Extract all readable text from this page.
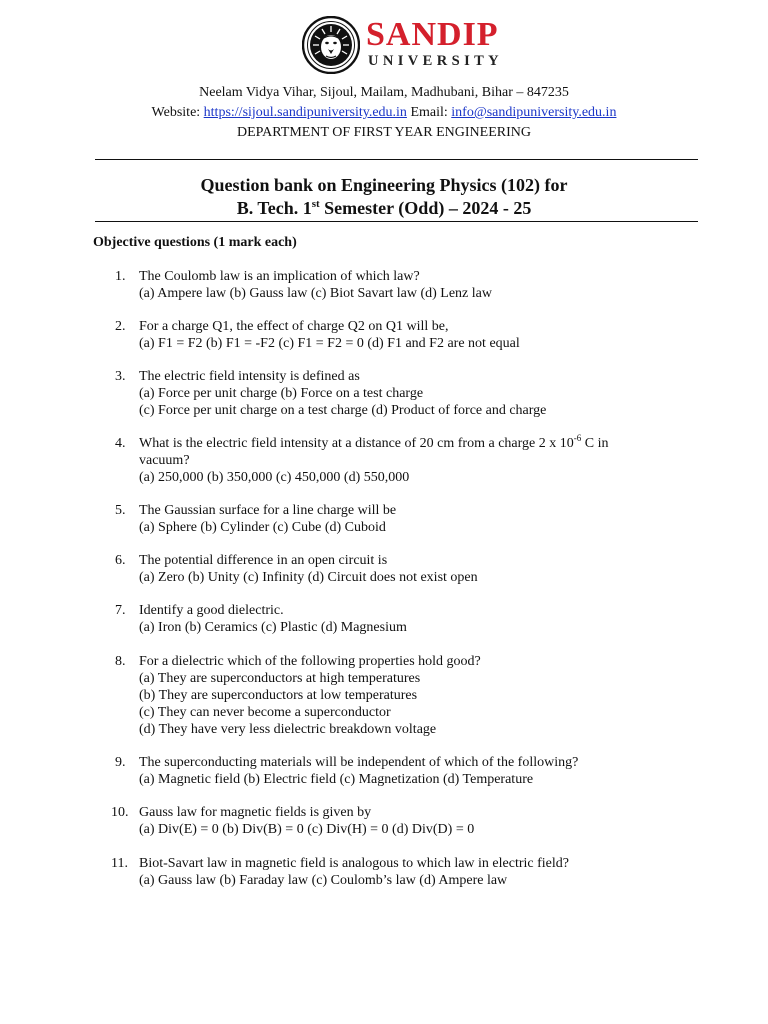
SANDIP
UNIVERSITY
Neelam Vidya Vihar, Sijoul, Mailam, Madhubani, Bihar – 847235
Website: https://sijoul.sandipuniversity.edu.in Email: info@sandipuniversity.edu.in
DEPARTMENT OF FIRST YEAR ENGINEERING
Question bank on Engineering Physics (102) for
B. Tech. 1st Semester (Odd) – 2024 - 25
Objective questions (1 mark each)
1. The Coulomb law is an implication of which law?
(a) Ampere law (b) Gauss law (c) Biot Savart law (d) Lenz law
2. For a charge Q1, the effect of charge Q2 on Q1 will be,
(a) F1 = F2 (b) F1 = -F2 (c) F1 = F2 = 0 (d) F1 and F2 are not equal
3. The electric field intensity is defined as
(a) Force per unit charge (b) Force on a test charge
(c) Force per unit charge on a test charge (d) Product of force and charge
4. What is the electric field intensity at a distance of 20 cm from a charge 2 x $10^{-6}$ C in
vacuum?
(a) 250,000 (b) 350,000 (c) 450,000 (d) 550,000
5. The Gaussian surface for a line charge will be
(a) Sphere (b) Cylinder (c) Cube (d) Cuboid
6. The potential difference in an open circuit is
(a) Zero (b) Unity (c) Infinity (d) Circuit does not exist open
7. Identify a good dielectric.
(a) Iron (b) Ceramics (c) Plastic (d) Magnesium
8. For a dielectric which of the following properties hold good?
(a) They are superconductors at high temperatures
(b) They are superconductors at low temperatures
(c) They can never become a superconductor
(d) They have very less dielectric breakdown voltage
9. The superconducting materials will be independent of which of the following?
(a) Magnetic field (b) Electric field (c) Magnetization (d) Temperature
10. Gauss law for magnetic fields is given by
(a) Div(E) = 0 (b) Div(B) = 0 (c) Div(H) = 0 (d) Div(D) = 0
11. Biot-Savart law in magnetic field is analogous to which law in electric field?
(a) Gauss law (b) Faraday law (c) Coulomb’s law (d) Ampere law
